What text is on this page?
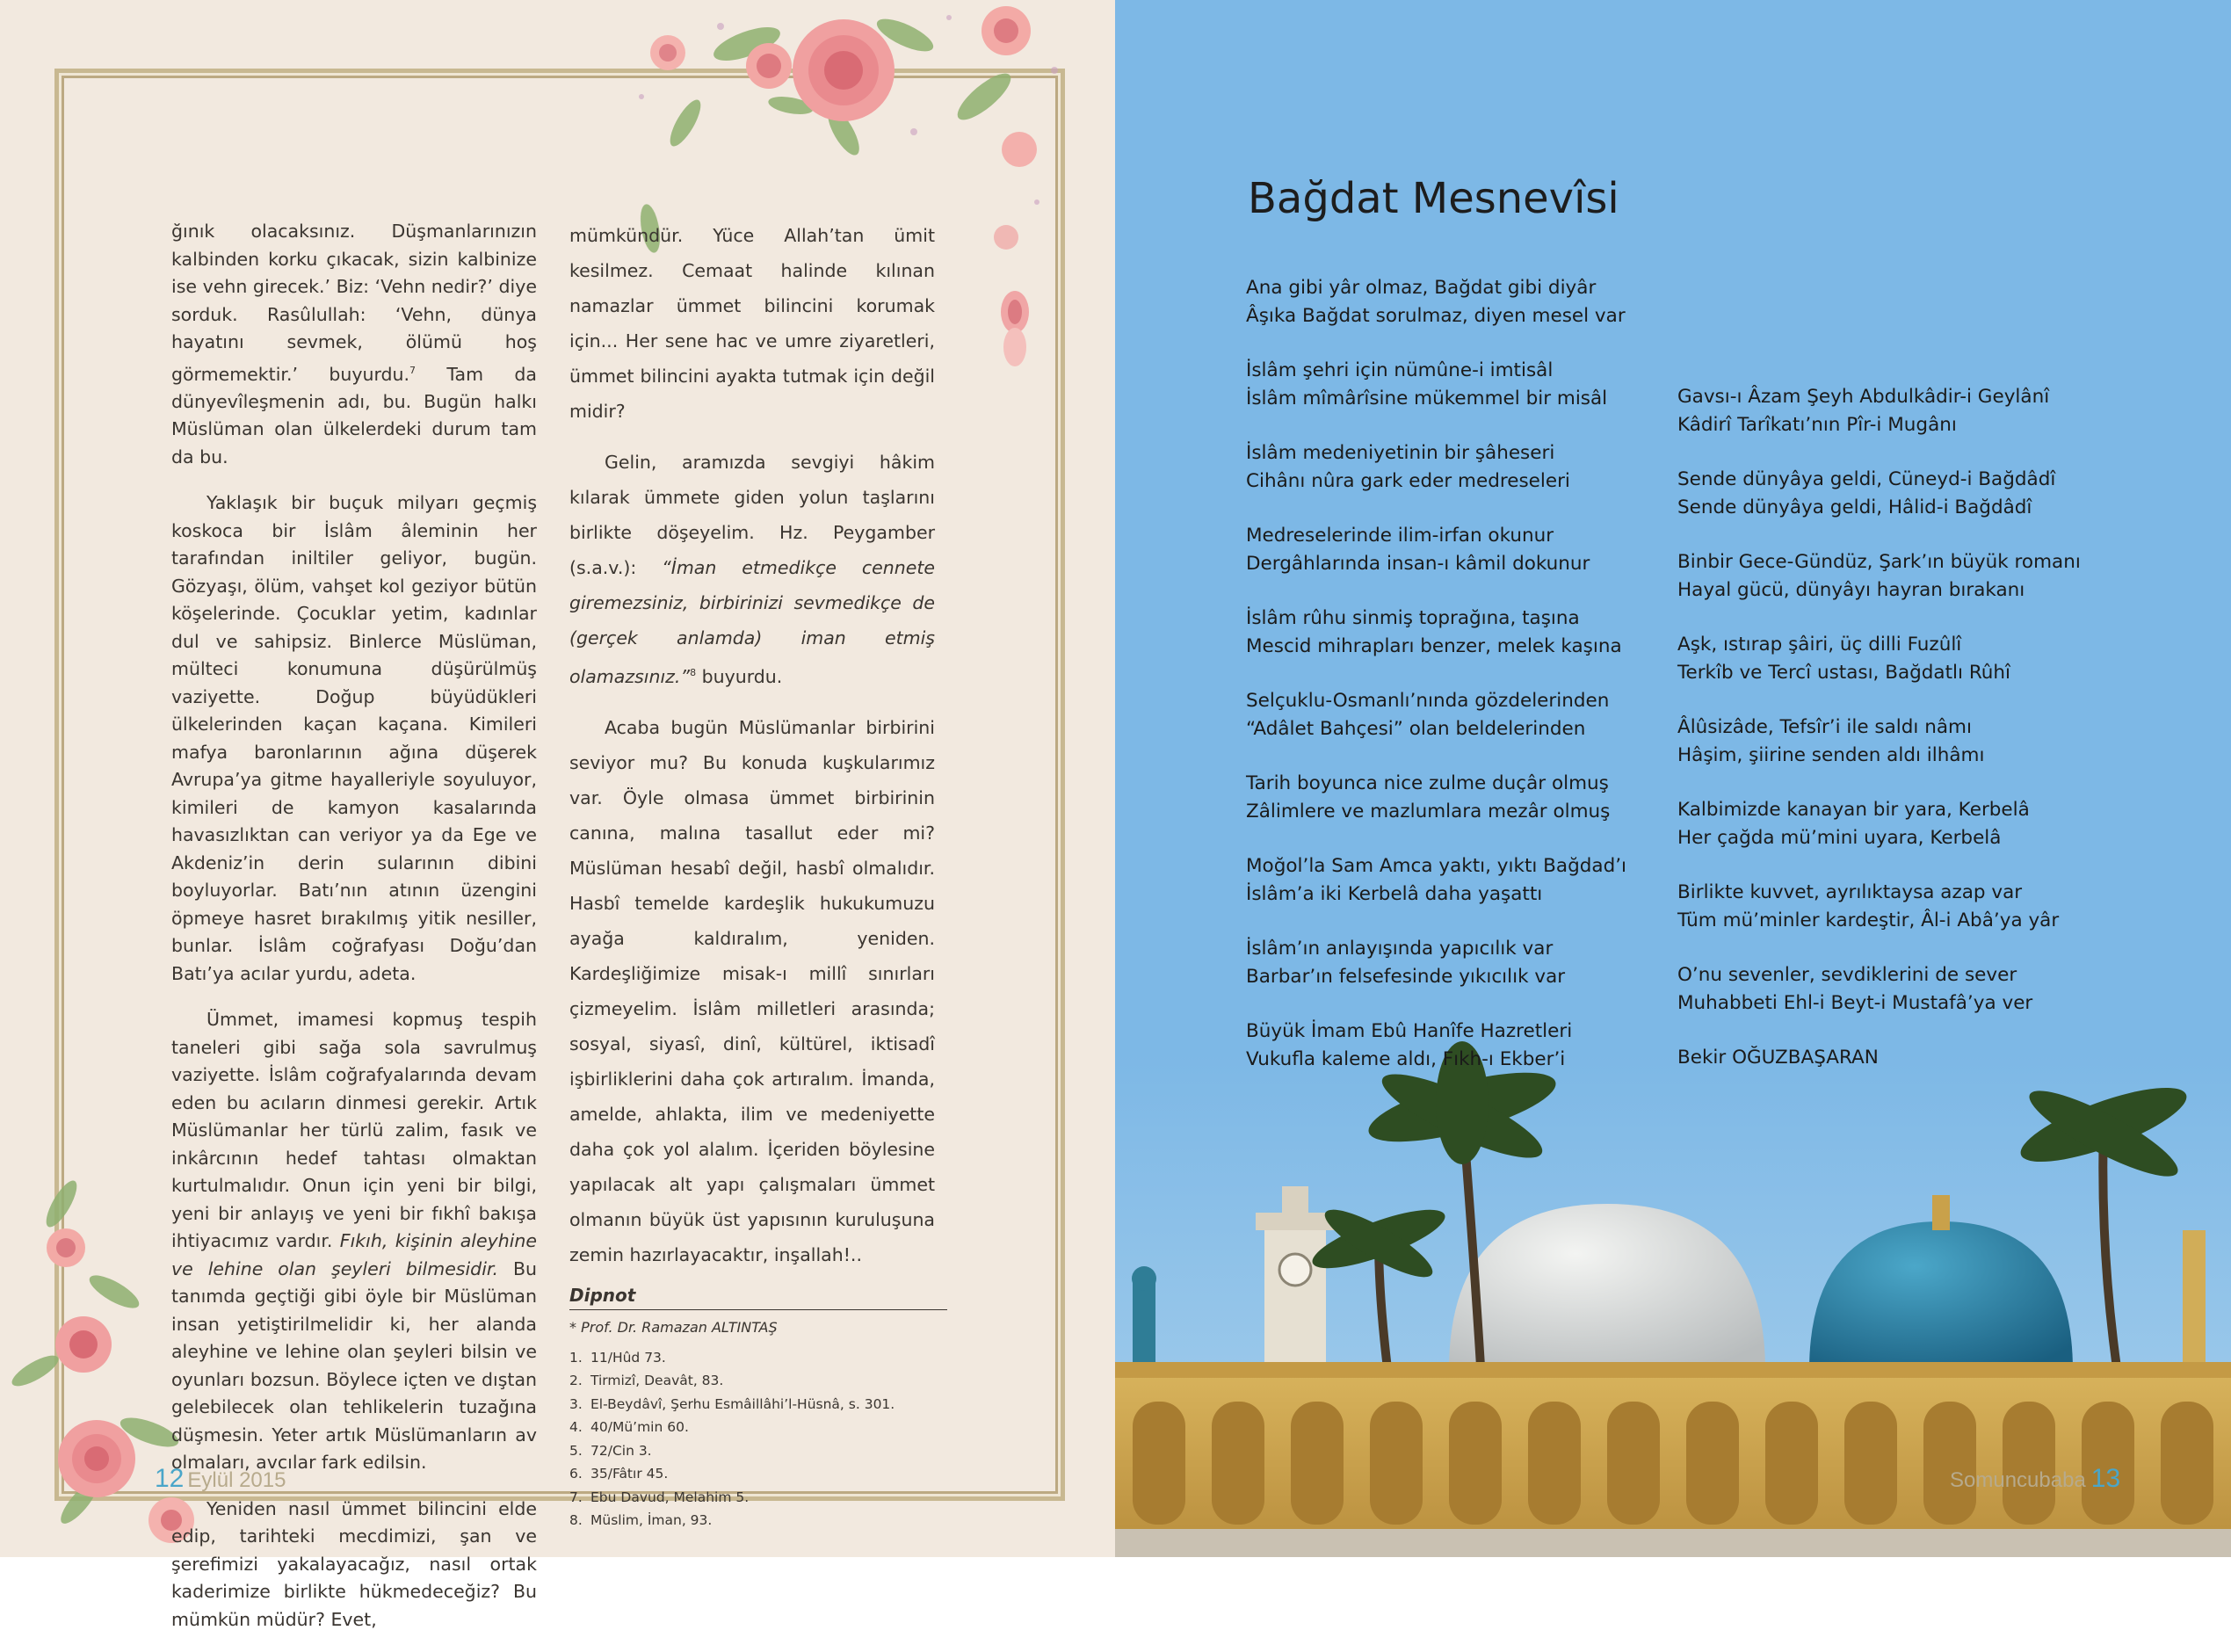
ğınık olacaksınız. Düşmanlarınızın kalbinden korku çıkacak, sizin kalbinize ise vehn girecek.’ Biz: ‘Vehn nedir?’ diye sorduk. Rasûlullah: ‘Vehn, dünya hayatını sevmek, ölümü hoş görmemektir.’ buyurdu.$^7$ Tam da dünyevîleşmenin adı, bu. Bugün halkı Müslüman olan ülkelerdeki durum tam da bu.

Yaklaşık bir buçuk milyarı geçmiş koskoca bir İslâm âleminin her tarafından inilti̇ler geliyor, bugün. Gözyaşı, ölüm, vahşet kol geziyor bütün köşelerinde. Çocuklar yetim, kadınlar dul ve sahipsiz. Binlerce Müslüman, mülteci konumuna düşürülmüş vaziyette. Doğup büyüdükleri ülkelerinden kaçan kaçana. Kimileri mafya baronlarının ağına düşerek Avrupa’ya gitme hayalleriyle soyuluyor, kimileri de kamyon kasalarında havasızlıktan can veriyor ya da Ege ve Akdeniz’in derin sularının dibini boyluyorlar. Batı’nın atının üzengini öpmeye hasret bırakılmış yitik nesiller, bunlar. İslâm coğrafyası Doğu’dan Batı’ya acılar yurdu, adeta.

Ümmet, imamesi kopmuş tespih taneleri gibi sağa sola savrulmuş vaziyette. İslâm coğrafyalarında devam eden bu acıların dinmesi gerekir. Artık Müslümanlar her türlü zalim, fasık ve inkârcının hedef tahtası olmaktan kurtulmalıdır. Onun için yeni bir bilgi, yeni bir anlayış ve yeni bir fıkhî bakışa ihtiyacımız vardır. Fıkıh, kişinin aleyhine ve lehine olan şeyleri bilmesidir. Bu tanımda geçtiği gibi öyle bir Müslüman insan yetiştirilmelidir ki, her alanda aleyhine ve lehine olan şeyleri bilsin ve oyunları bozsun. Böylece içten ve dıştan gelebilecek olan tehlikelerin tuzağına düşmesin. Yeter artık Müslümanların av olmaları, avcılar fark edilsin.

Yeniden nasıl ümmet bilincini elde edip, tarihteki mecdimizi, şan ve şerefimizi yakalayacağız, nasıl ortak kaderimize birlikte hükmedeceğiz? Bu mümkün müdür? Evet,

mümkündür. Yüce Allah’tan ümit kesilmez. Cemaat halinde kılınan namazlar ümmet bilincini korumak için... Her sene hac ve umre ziyaretleri, ümmet bilincini ayakta tutmak için değil midir?

Gelin, aramızda sevgiyi hâkim kılarak ümmete giden yolun taşlarını birlikte döşeyelim. Hz. Peygamber (s.a.v.): “İman etmedikçe cennete giremezsiniz, birbirinizi sevmedikçe de (gerçek anlamda) iman etmiş olamazsınız.”$^8$ buyurdu.

Acaba bugün Müslümanlar birbirini seviyor mu? Bu konuda kuşkularımız var. Öyle olmasa ümmet birbirinin canına, malına tasallut eder mi? Müslüman hesabî değil, hasbî olmalıdır. Hasbî temelde kardeşlik hukukumuzu ayağa kaldıralım, yeniden. Kardeşliğimize misak-ı millî sınırları çizmeyelim. İslâm milletleri arasında; sosyal, siyasî, dinî, kültürel, iktisadî işbirliklerini daha çok artıralım. İmanda, amelde, ahlakta, ilim ve medeniyette daha çok yol alalım. İçeriden böylesine yapılacak alt yapı çalışmaları ümmet olmanın büyük üst yapısının kuruluşuna zemin hazırlayacaktır, inşallah!..

Dipnot
* Prof. Dr. Ramazan ALTINTAŞ
1. 11/Hûd 73.
2. Tirmizî, Deavât, 83.
3. El-Beydâvî, Şerhu Esmâillâhi’l-Hüsnâ, s. 301.
4. 40/Mü’min 60.
5. 72/Cin 3.
6. 35/Fâtır 45.
7. Ebu Davud, Melahim 5.
8. Müslim, İman, 93.
12 Eylül 2015
Bağdat Mesnevîsi
Ana gibi yâr olmaz, Bağdat gibi diyâr
Âşıka Bağdat sorulmaz, diyen mesel var
İslâm şehri için nümûne-i imtisâl
İslâm mîmârîsine mükemmel bir misâl
İslâm medeniyetinin bir şâheseri
Cihânı nûra gark eder medreseleri
Medreselerinde ilim-irfan okunur
Dergâhlarında insan-ı kâmil dokunur
İslâm rûhu sinmiş toprağına, taşına
Mescid mihrapları benzer, melek kaşına
Selçuklu-Osmanlı’nında gözdelerinden
“Adâlet Bahçesi” olan beldelerinden
Tarih boyunca nice zulme duçâr olmuş
Zâlimlere ve mazlumlara mezâr olmuş
Moğol’la Sam Amca yaktı, yıktı Bağdad’ı
İslâm’a iki Kerbelâ daha yaşattı
İslâm’ın anlayışında yapıcılık var
Barbar’ın felsefesinde yıkıcılık var
Büyük İmam Ebû Hanîfe Hazretleri
Vukufla kaleme aldı, Fıkh-ı Ekber’i
Gavsı-ı Âzam Şeyh Abdulkâdir-i Geylânî
Kâdirî Tarîkatı’nın Pîr-i Mugânı
Sende dünyâya geldi, Cüneyd-i Bağdâdî
Sende dünyâya geldi, Hâlid-i Bağdâdî
Binbir Gece-Gündüz, Şark’ın büyük romanı
Hayal gücü, dünyâyı hayran bırakanı
Aşk, ıstırap şâiri, üç dilli Fuzûlî
Terkîb ve Tercî ustası, Bağdatlı Rûhî
Âlûsizâde, Tefsîr’i ile saldı nâmı
Hâşim, şiirine senden aldı ilhâmı
Kalbimizde kanayan bir yara, Kerbelâ
Her çağda mü’mini uyara, Kerbelâ
Birlikte kuvvet, ayrılıktaysa azap var
Tüm mü’minler kardeştir, Âl-i Abâ’ya yâr
O’nu sevenler, sevdiklerini de sever
Muhabbeti Ehl-i Beyt-i Mustafâ’ya ver
Bekir OĞUZBAŞARAN
Somuncubaba 13
